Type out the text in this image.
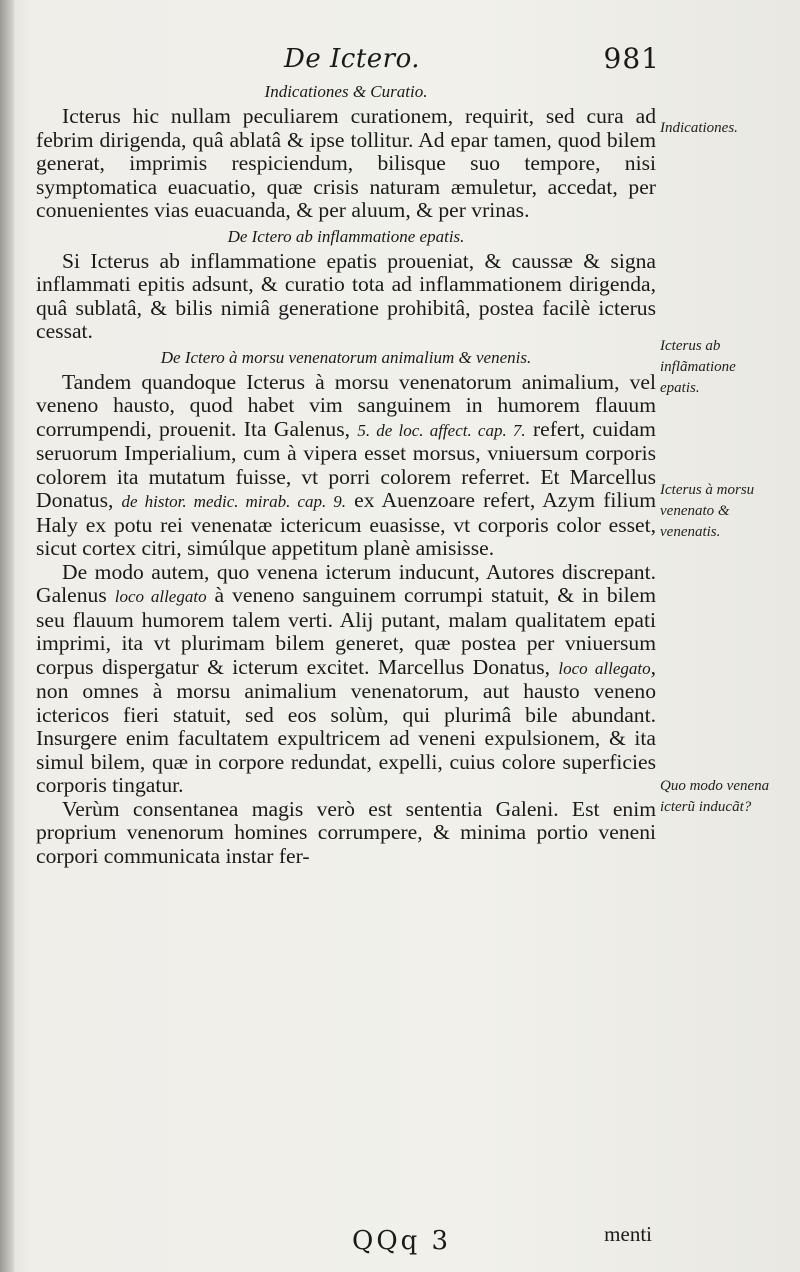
De Ictero.	981

Indicationes & Curatio.

Icterus hic nullam peculiarem curationem, requirit, sed cura ad febrim dirigenda, quâ ablatâ & ipse tollitur. Ad epar tamen, quod bilem generat, imprimis respiciendum, bilisque suo tempore, nisi symptomatica euacuatio, quæ crisis naturam æmuletur, accedat, per conuenientes vias euacuanda, & per aluum, & per vrinas.

De Ictero ab inflammatione epatis.

Si Icterus ab inflammatione epatis proueniat, & caussæ & signa inflammati epitis adsunt, & curatio tota ad inflammationem dirigenda, quâ sublatâ, & bilis nimiâ generatione prohibitâ, postea facilè icterus cessat.

De Ictero à morsu venenatorum animalium & venenis.

Tandem quandoque Icterus à morsu venenatorum animalium, vel veneno hausto, quod habet vim sanguinem in humorem flauum corrumpendi, prouenit. Ita Galenus, 5. de loc. affect. cap. 7. refert, cuidam seruorum Imperialium, cum à vipera esset morsus, vniuersum corporis colorem ita mutatum fuisse, vt porri colorem referret. Et Marcellus Donatus, de histor. medic. mirab. cap. 9. ex Auenzoare refert, Azym filium Haly ex potu rei venenatæ ictericum euasisse, vt corporis color esset, sicut cortex citri, simúlque appetitum planè amisisse.

De modo autem, quo venena icterum inducunt, Autores discrepant. Galenus loco allegato à veneno sanguinem corrumpi statuit, & in bilem seu flauum humorem talem verti. Alij putant, malam qualitatem epati imprimi, ita vt plurimam bilem generet, quæ postea per vniuersum corpus dispergatur & icterum excitet. Marcellus Donatus, loco allegato, non omnes à morsu animalium venenatorum, aut hausto veneno ictericos fieri statuit, sed eos solùm, qui plurimâ bile abundant. Insurgere enim facultatem expultricem ad veneni expulsionem, & ita simul bilem, quæ in corpore redundat, expelli, cuius colore superficies corporis tingatur.

Verùm consentanea magis verò est sententia Galeni. Est enim proprium venenorum homines corrumpere, & minima portio veneni corpori communicata instar fer-

Indicationes.
Icterus ab inflãmatione epatis.
Icterus à morsu venenato & venenatis.
Quo modo venena icterũ inducãt?
QQq 3	menti
